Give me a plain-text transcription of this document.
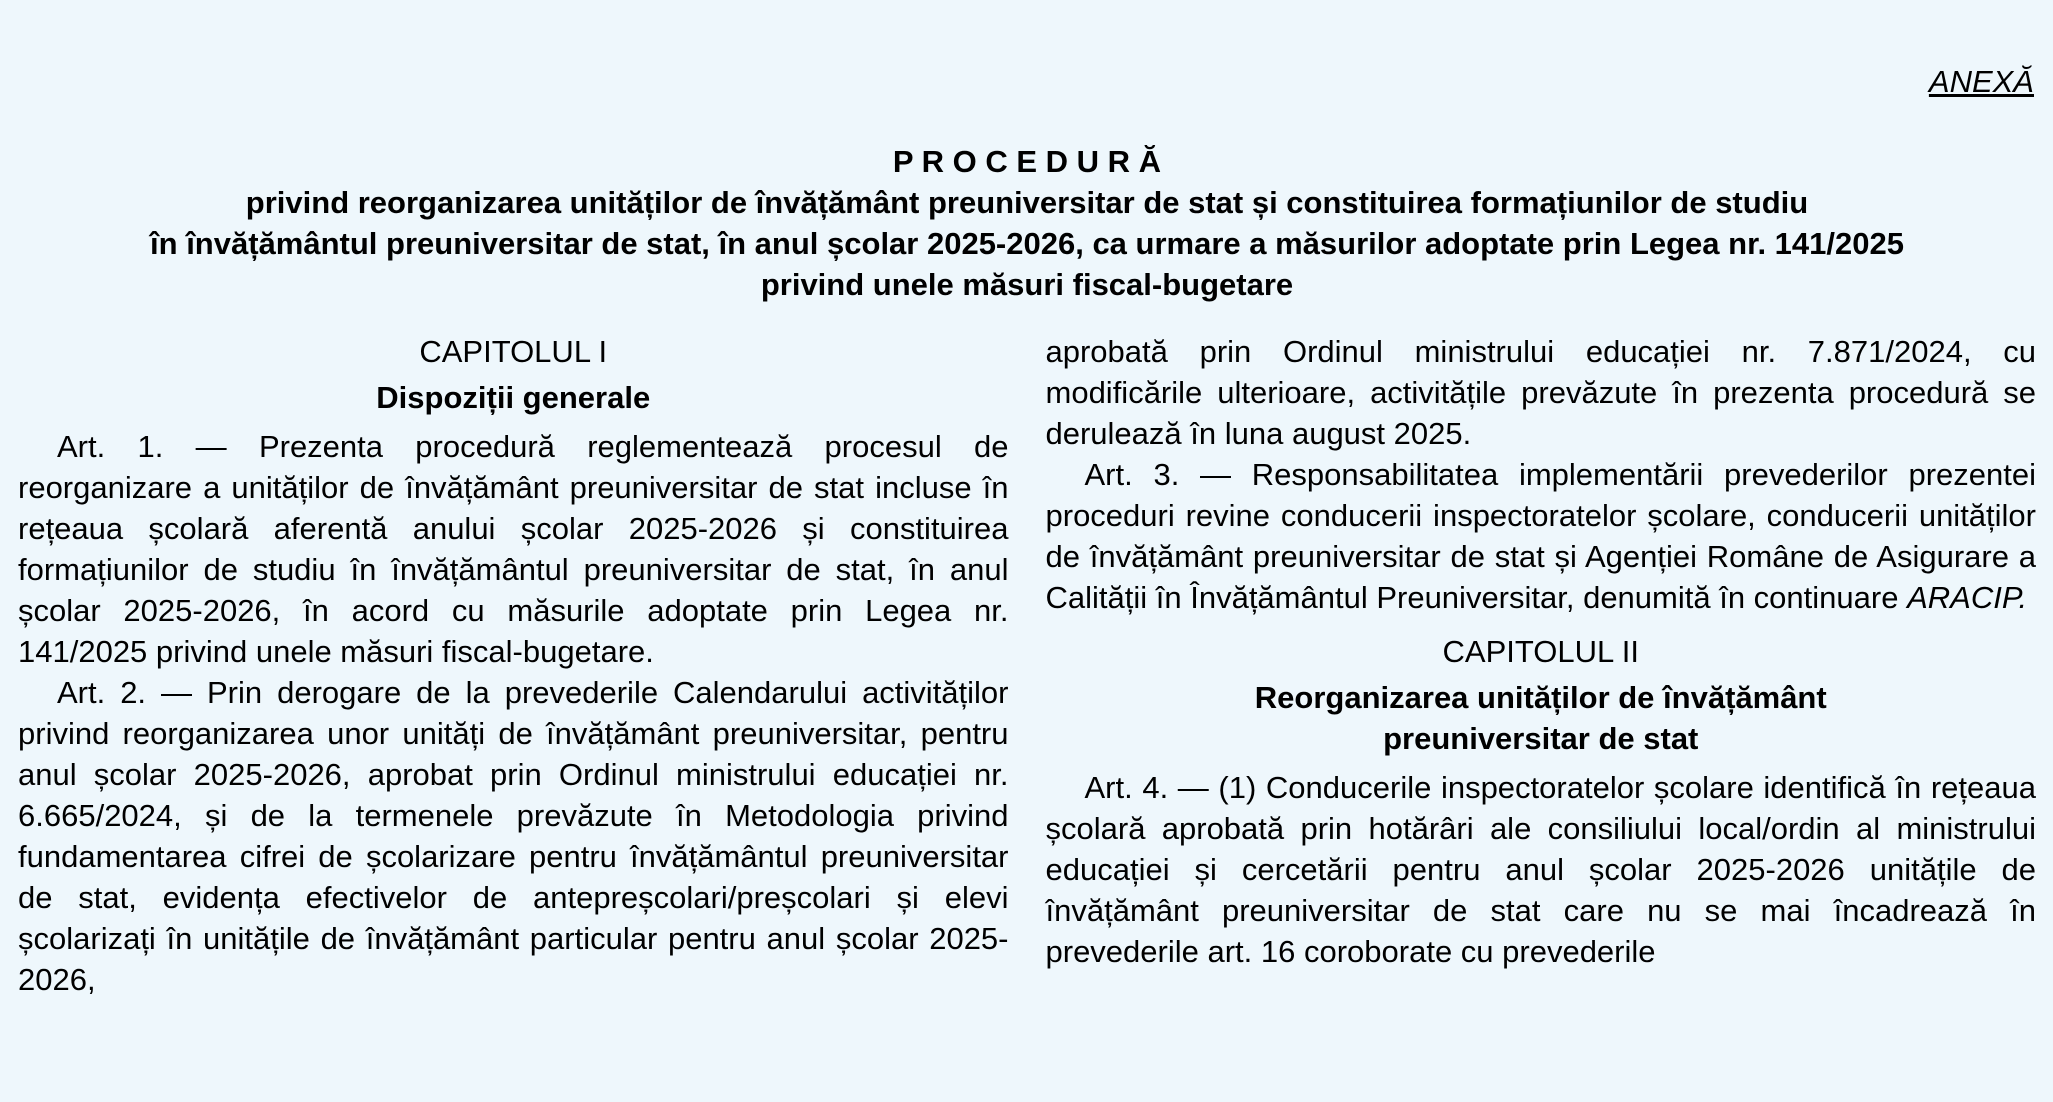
ANEXĂ
P R O C E D U R Ă
privind reorganizarea unităților de învățământ preuniversitar de stat și constituirea formațiunilor de studiu
în învățământul preuniversitar de stat, în anul școlar 2025-2026, ca urmare a măsurilor adoptate prin Legea nr. 141/2025
privind unele măsuri fiscal-bugetare
CAPITOLUL I
Dispoziții generale

Art. 1. — Prezenta procedură reglementează procesul de reorganizare a unităților de învățământ preuniversitar de stat incluse în rețeaua școlară aferentă anului școlar 2025-2026 și constituirea formațiunilor de studiu în învățământul preuniversitar de stat, în anul școlar 2025-2026, în acord cu măsurile adoptate prin Legea nr. 141/2025 privind unele măsuri fiscal-bugetare.

Art. 2. — Prin derogare de la prevederile Calendarului activităților privind reorganizarea unor unități de învățământ preuniversitar, pentru anul școlar 2025-2026, aprobat prin Ordinul ministrului educației nr. 6.665/2024, și de la termenele prevăzute în Metodologia privind fundamentarea cifrei de școlarizare pentru învățământul preuniversitar de stat, evidența efectivelor de antepreșcolari/preșcolari și elevi școlarizați în unitățile de învățământ particular pentru anul școlar 2025-2026,

aprobată prin Ordinul ministrului educației nr. 7.871/2024, cu modificările ulterioare, activitățile prevăzute în prezenta procedură se derulează în luna august 2025.

Art. 3. — Responsabilitatea implementării prevederilor prezentei proceduri revine conducerii inspectoratelor școlare, conducerii unităților de învățământ preuniversitar de stat și Agenției Române de Asigurare a Calității în Învățământul Preuniversitar, denumită în continuare ARACIP.

CAPITOLUL II
Reorganizarea unităților de învățământ
preuniversitar de stat

Art. 4. — (1) Conducerile inspectoratelor școlare identifică în rețeaua școlară aprobată prin hotărâri ale consiliului local/ordin al ministrului educației și cercetării pentru anul școlar 2025-2026 unitățile de învățământ preuniversitar de stat care nu se mai încadrează în prevederile art. 16 coroborate cu prevederile
